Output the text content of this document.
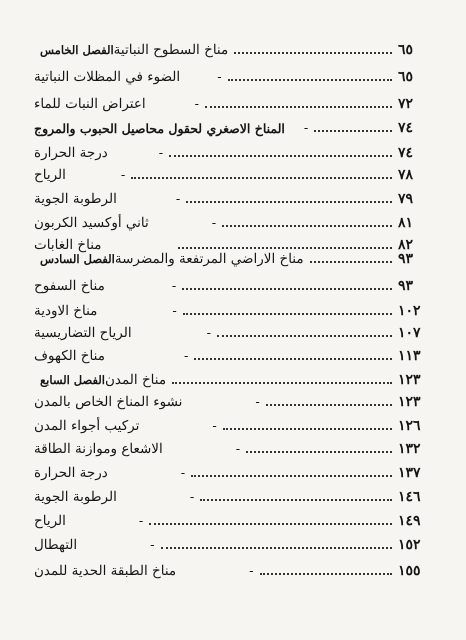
الفصل الخامس مناخ السطوح النباتية	٦٥
الضوء في المظلات النباتية	-	٦٥
اعتراض النبات للماء	-	٧٢
المناخ الاصغري لحقول محاصيل الحبوب والمروج -	٧٤
درجة الحرارة	-	٧٤
الرياح	-	٧٨
الرطوبة الجوية	-	٧٩
ثاني أوكسيد الكربون	-	٨١
مناخ الغابات	٨٢
الفصل السادس مناخ الاراضي المرتفعة والمضرسة	٩٣
مناخ السفوح	-	٩٣
مناخ الاودية	-	١٠٢
الرياح التضاريسية	-	١٠٧
مناخ الكهوف	-	١١٣
الفصل السابع مناخ المدن	١٢٣
نشوء المناخ الخاص بالمدن	-	١٢٣
تركيب أجواء المدن	-	١٢٦
الاشعاع وموازنة الطاقة	-	١٣٢
درجة الحرارة	-	١٣٧
الرطوبة الجوية	-	١٤٦
الرياح	-	١٤٩
التهطال	-	١٥٢
مناخ الطبقة الحدية للمدن	-	١٥٥
